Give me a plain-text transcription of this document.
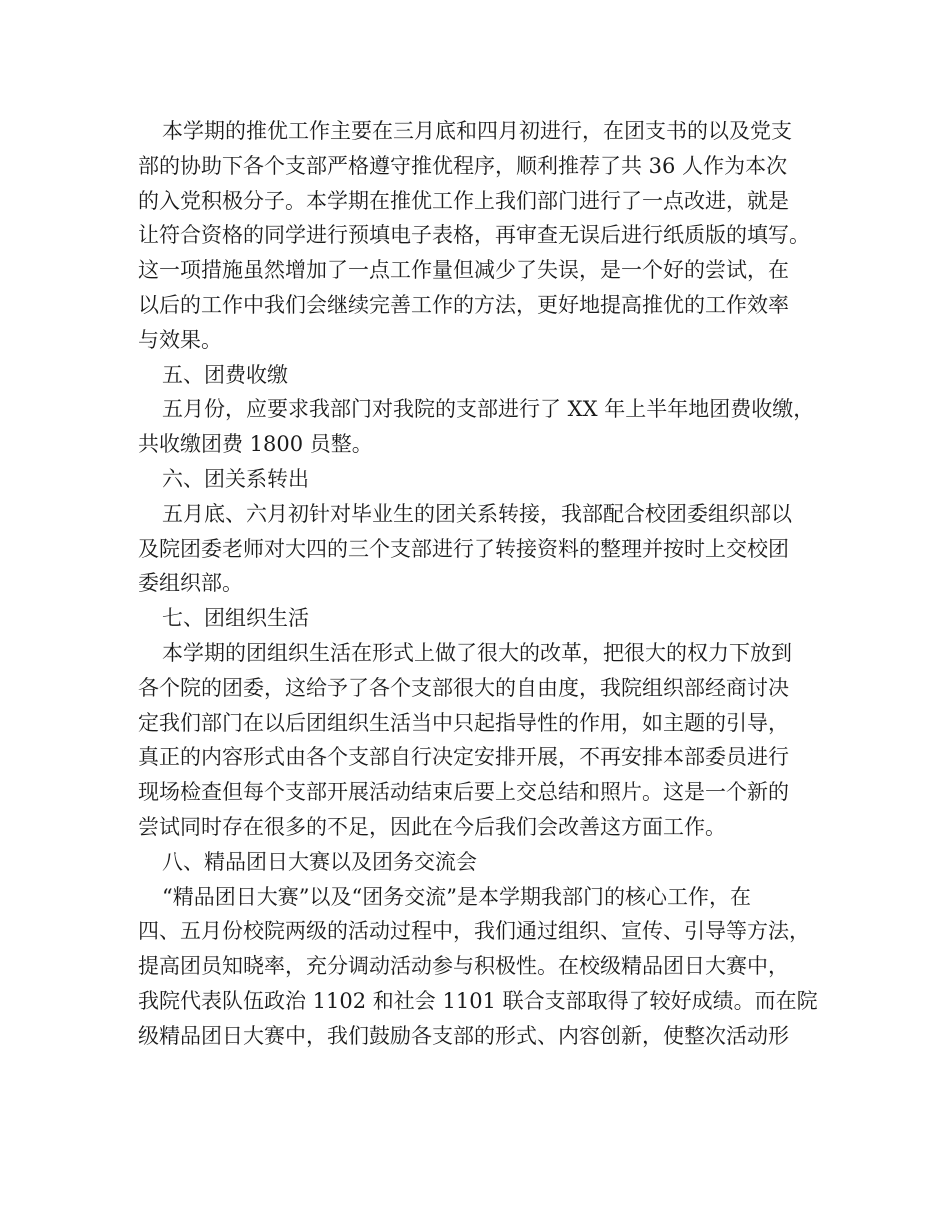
本学期的推优工作主要在三月底和四月初进行，在团支书的以及党支
部的协助下各个支部严格遵守推优程序，顺利推荐了共 36 人作为本次
的入党积极分子。本学期在推优工作上我们部门进行了一点改进，就是
让符合资格的同学进行预填电子表格，再审查无误后进行纸质版的填写。
这一项措施虽然增加了一点工作量但减少了失误，是一个好的尝试，在
以后的工作中我们会继续完善工作的方法，更好地提高推优的工作效率
与效果。
五、团费收缴
五月份，应要求我部门对我院的支部进行了 XX 年上半年地团费收缴，
共收缴团费 1800 员整。
六、团关系转出
五月底、六月初针对毕业生的团关系转接，我部配合校团委组织部以
及院团委老师对大四的三个支部进行了转接资料的整理并按时上交校团
委组织部。
七、团组织生活
本学期的团组织生活在形式上做了很大的改革，把很大的权力下放到
各个院的团委，这给予了各个支部很大的自由度，我院组织部经商讨决
定我们部门在以后团组织生活当中只起指导性的作用，如主题的引导，
真正的内容形式由各个支部自行决定安排开展，不再安排本部委员进行
现场检查但每个支部开展活动结束后要上交总结和照片。这是一个新的
尝试同时存在很多的不足，因此在今后我们会改善这方面工作。
八、精品团日大赛以及团务交流会
“精品团日大赛”以及“团务交流”是本学期我部门的核心工作，在
四、五月份校院两级的活动过程中，我们通过组织、宣传、引导等方法，
提高团员知晓率，充分调动活动参与积极性。在校级精品团日大赛中，
我院代表队伍政治 1102 和社会 1101 联合支部取得了较好成绩。而在院
级精品团日大赛中，我们鼓励各支部的形式、内容创新，使整次活动形
